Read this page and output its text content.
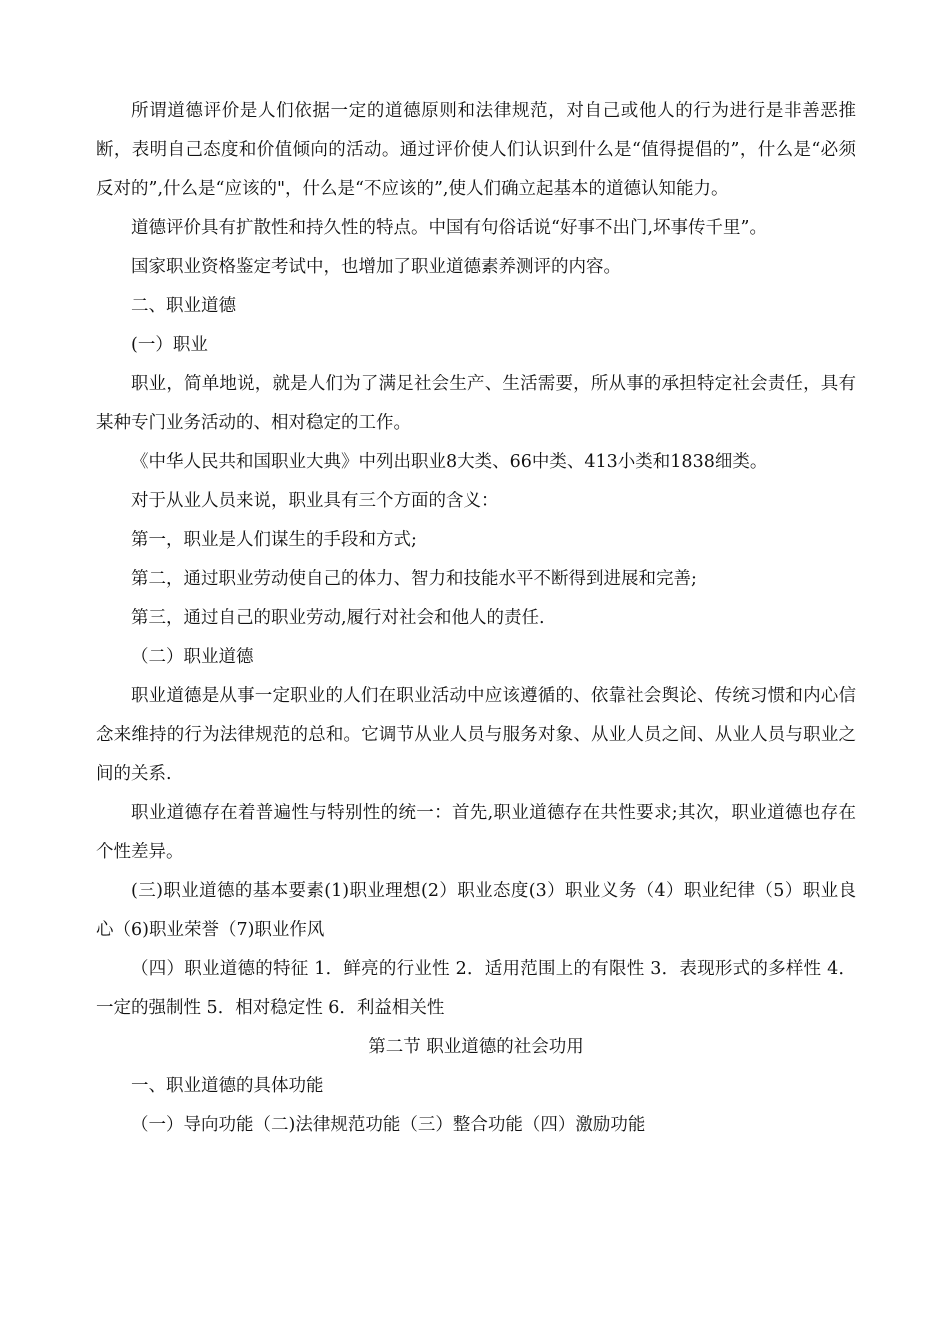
所谓道德评价是人们依据一定的道德原则和法律规范，对自己或他人的行为进行是非善恶推断，表明自己态度和价值倾向的活动。通过评价使人们认识到什么是“值得提倡的”，什么是“必须反对的”,什么是“应该的"，什么是“不应该的”,使人们确立起基本的道德认知能力。

道德评价具有扩散性和持久性的特点。中国有句俗话说“好事不出门,坏事传千里”。

国家职业资格鉴定考试中，也增加了职业道德素养测评的内容。

二、职业道德

(一）职业

职业，简单地说，就是人们为了满足社会生产、生活需要，所从事的承担特定社会责任，具有某种专门业务活动的、相对稳定的工作。

《中华人民共和国职业大典》中列出职业8大类、66中类、413小类和1838细类。

对于从业人员来说，职业具有三个方面的含义：

第一，职业是人们谋生的手段和方式;

第二，通过职业劳动使自己的体力、智力和技能水平不断得到进展和完善;

第三，通过自己的职业劳动,履行对社会和他人的责任.

（二）职业道德

职业道德是从事一定职业的人们在职业活动中应该遵循的、依靠社会舆论、传统习惯和内心信念来维持的行为法律规范的总和。它调节从业人员与服务对象、从业人员之间、从业人员与职业之间的关系.

职业道德存在着普遍性与特别性的统一：首先,职业道德存在共性要求;其次，职业道德也存在个性差异。

(三)职业道德的基本要素(1)职业理想(2）职业态度(3）职业义务（4）职业纪律（5）职业良心（6)职业荣誉（7)职业作风

（四）职业道德的特征 1．鲜亮的行业性 2．适用范围上的有限性 3．表现形式的多样性 4．一定的强制性 5．相对稳定性 6．利益相关性

第二节 职业道德的社会功用

一、职业道德的具体功能

（一）导向功能（二)法律规范功能（三）整合功能（四）激励功能
